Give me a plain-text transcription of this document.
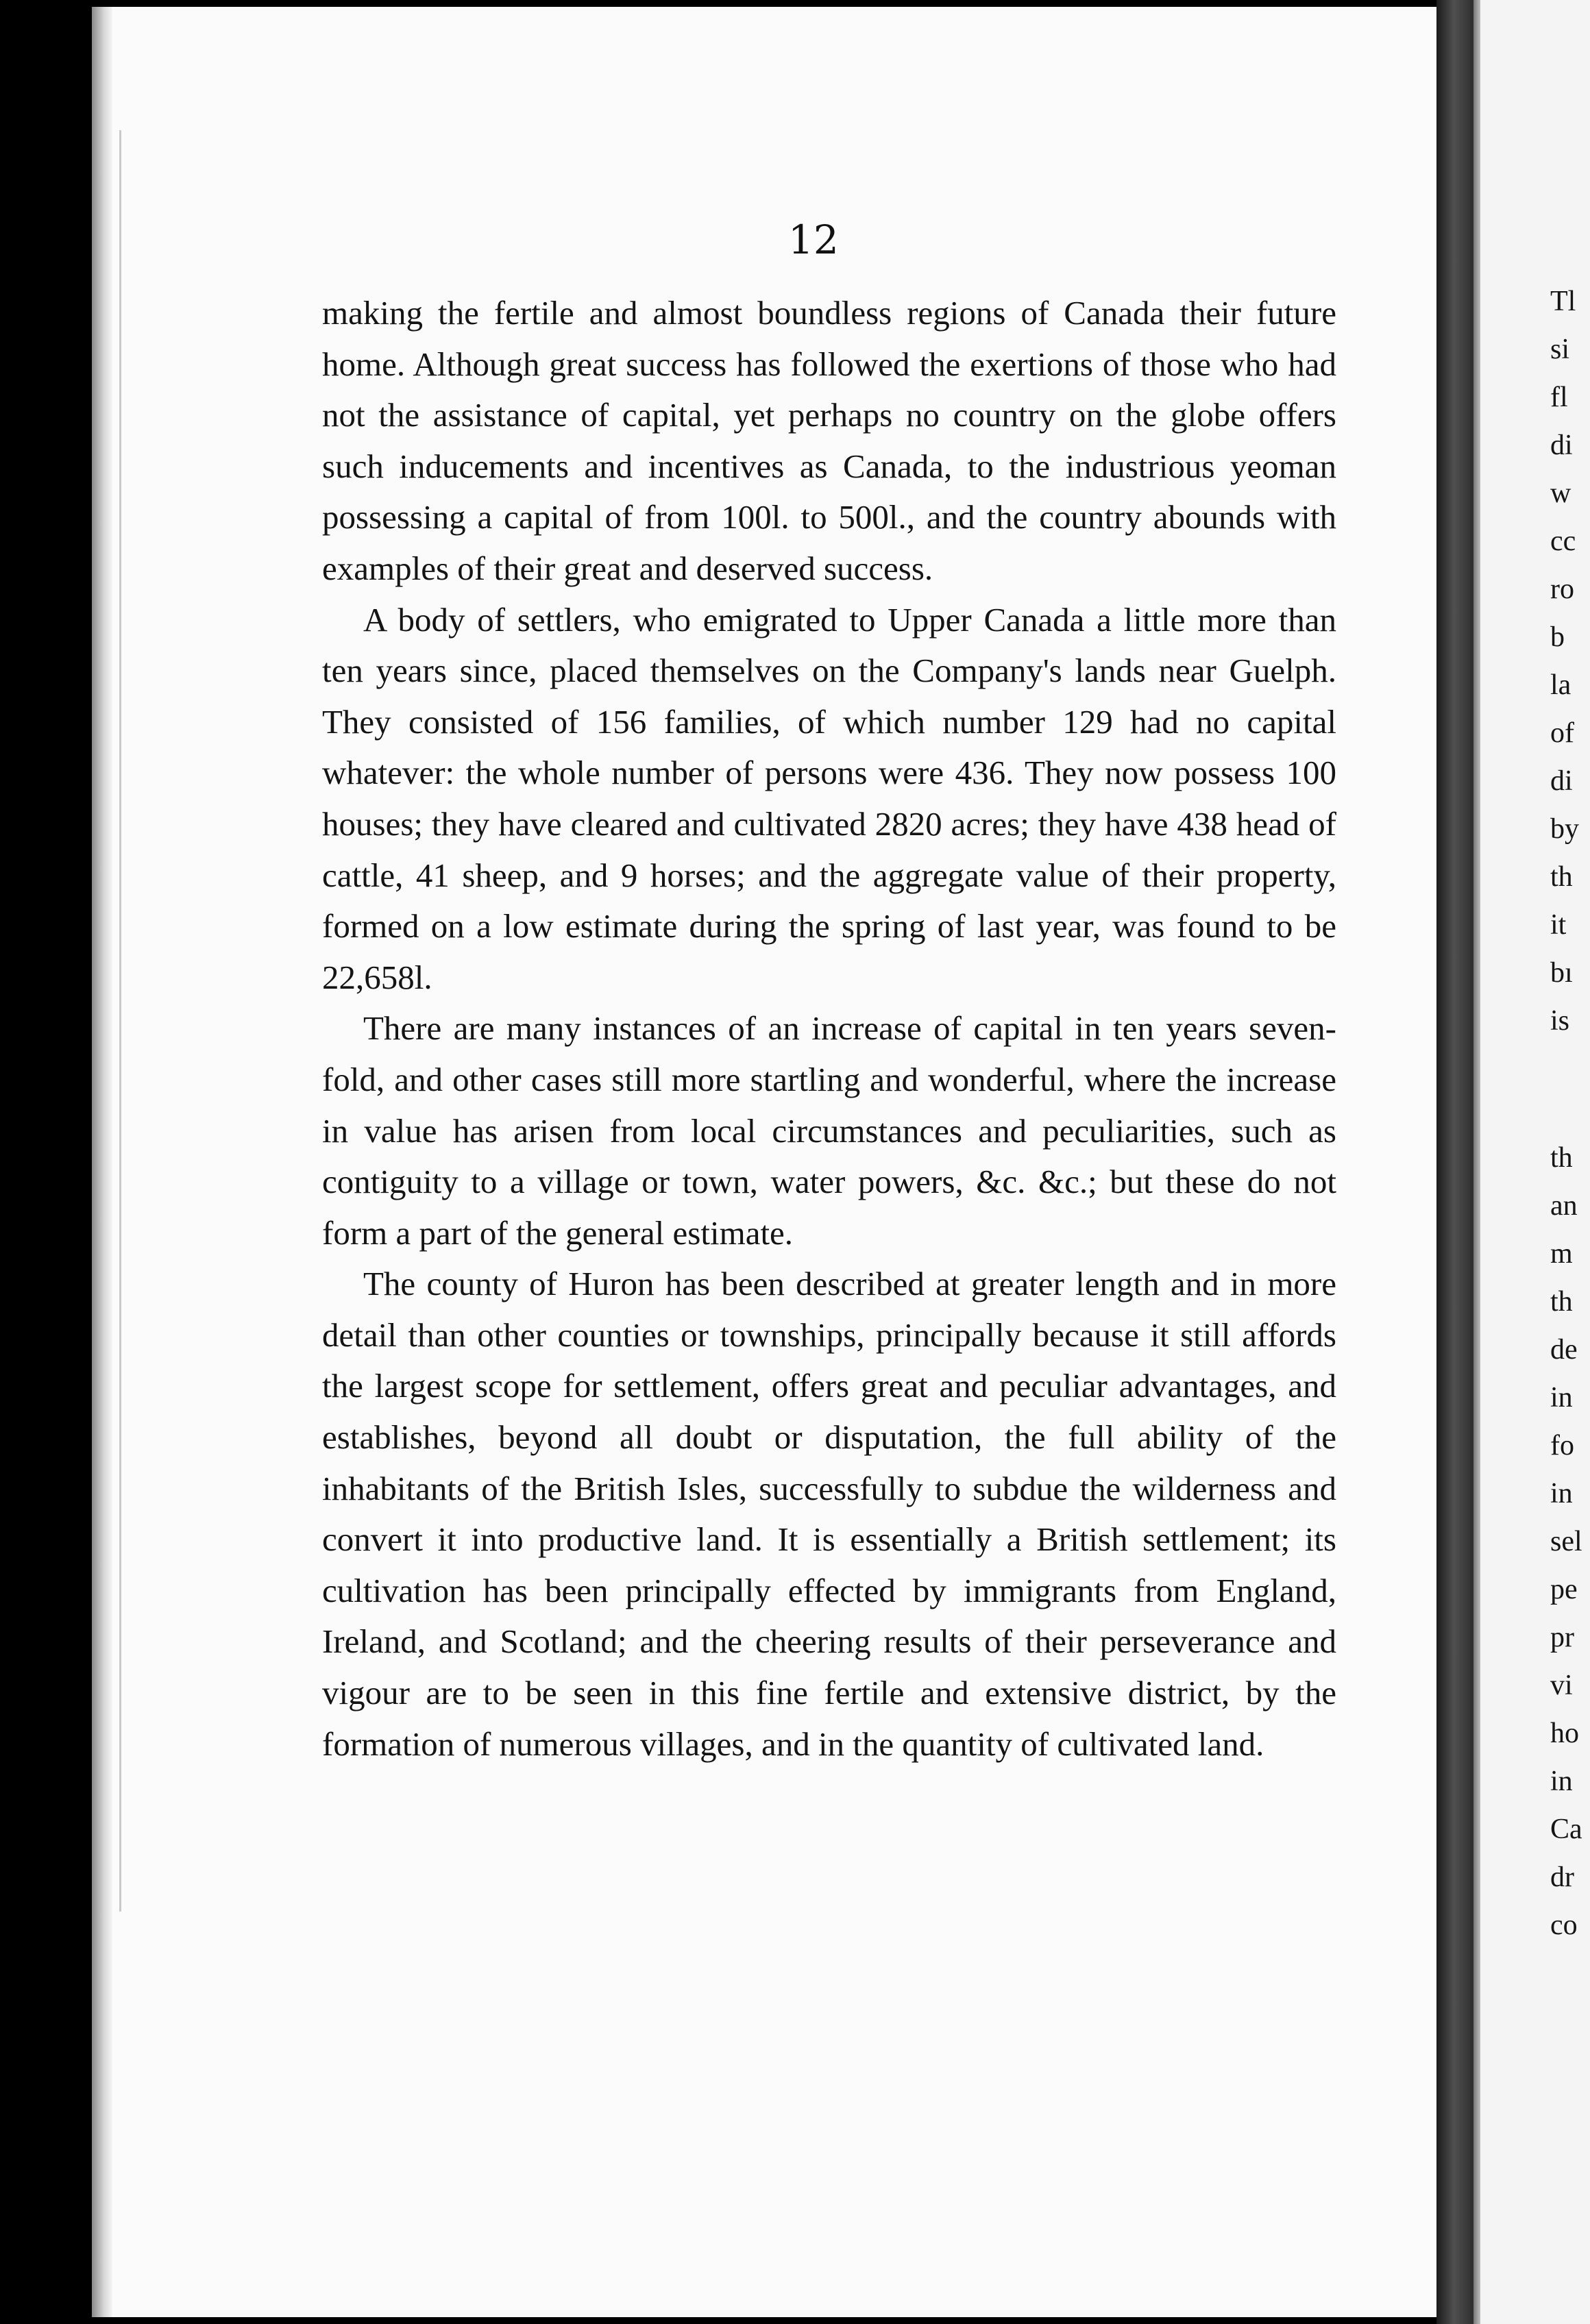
12

making the fertile and almost boundless regions of Canada their future home. Although great success has followed the exertions of those who had not the assistance of capital, yet perhaps no country on the globe offers such inducements and incentives as Canada, to the industrious yeoman possessing a capital of from 100l. to 500l., and the country abounds with examples of their great and deserved success.

A body of settlers, who emigrated to Upper Canada a little more than ten years since, placed themselves on the Company's lands near Guelph. They consisted of 156 families, of which number 129 had no capital whatever: the whole number of persons were 436. They now possess 100 houses; they have cleared and cultivated 2820 acres; they have 438 head of cattle, 41 sheep, and 9 horses; and the aggregate value of their property, formed on a low estimate during the spring of last year, was found to be 22,658l.

There are many instances of an increase of capital in ten years seven-fold, and other cases still more startling and wonderful, where the increase in value has arisen from local circumstances and peculiarities, such as contiguity to a village or town, water powers, &c. &c.; but these do not form a part of the general estimate.

The county of Huron has been described at greater length and in more detail than other counties or townships, principally because it still affords the largest scope for settlement, offers great and peculiar advantages, and establishes, beyond all doubt or disputation, the full ability of the inhabitants of the British Isles, successfully to subdue the wilderness and convert it into productive land. It is essentially a British settlement; its cultivation has been principally effected by immigrants from England, Ireland, and Scotland; and the cheering results of their perseverance and vigour are to be seen in this fine fertile and extensive district, by the formation of numerous villages, and in the quantity of cultivated land.

Tl
si
fl
di
w
cc
ro
b
la
of
di
by
th
it
bı
is
th
an
m
th
de
in
fo
in
sel
pe
pr
vi
ho
in
Ca
dr
co
